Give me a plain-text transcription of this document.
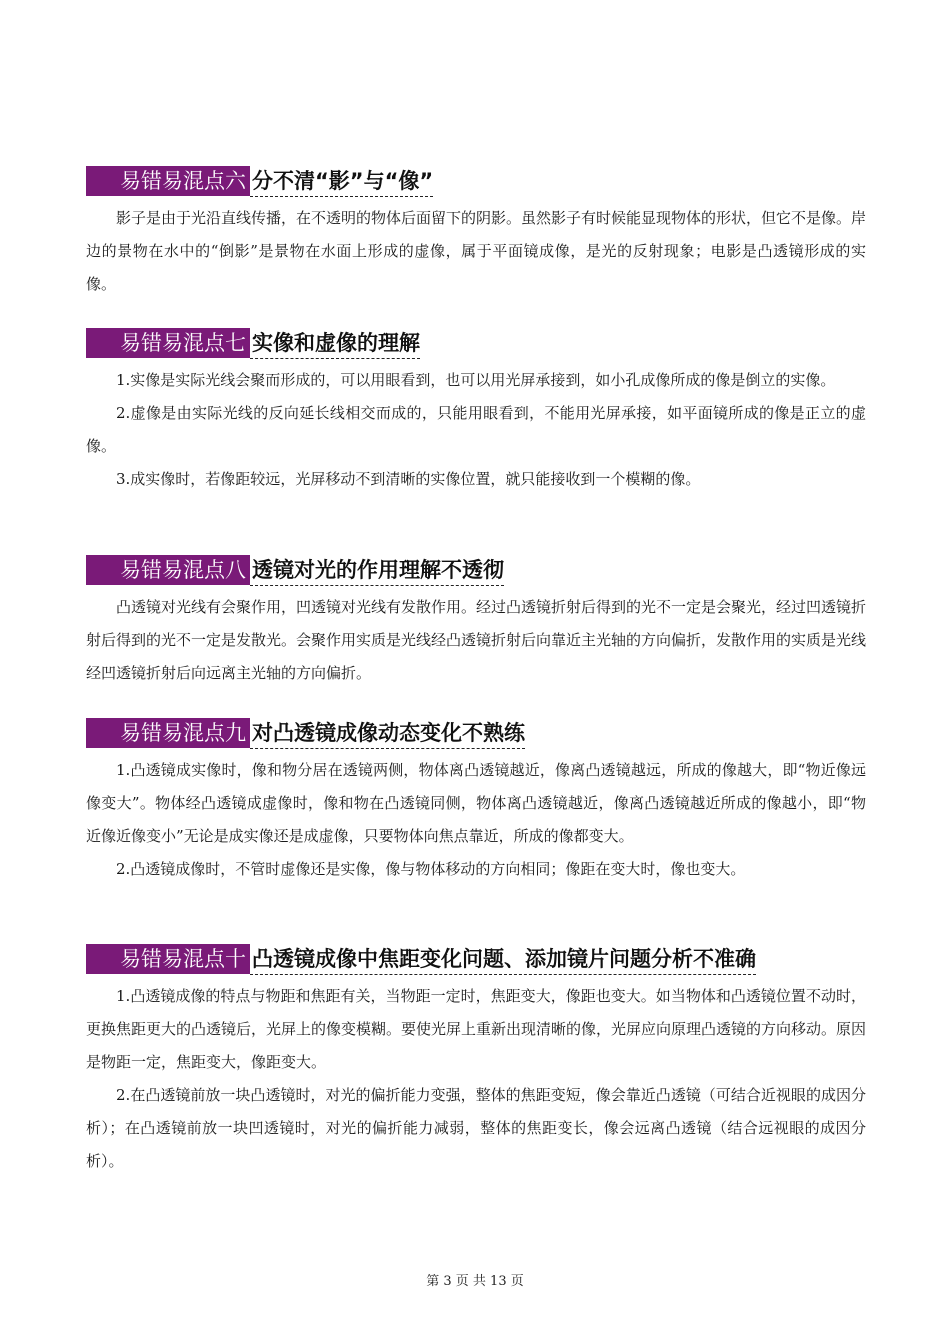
易错易混点六 分不清“影”与“像”

影子是由于光沿直线传播，在不透明的物体后面留下的阴影。虽然影子有时候能显现物体的形状，但它不是像。岸边的景物在水中的“倒影”是景物在水面上形成的虚像，属于平面镜成像，是光的反射现象；电影是凸透镜形成的实像。

易错易混点七 实像和虚像的理解

1.实像是实际光线会聚而形成的，可以用眼看到，也可以用光屏承接到，如小孔成像所成的像是倒立的实像。

2.虚像是由实际光线的反向延长线相交而成的，只能用眼看到，不能用光屏承接，如平面镜所成的像是正立的虚像。

3.成实像时，若像距较远，光屏移动不到清晰的实像位置，就只能接收到一个模糊的像。

易错易混点八 透镜对光的作用理解不透彻

凸透镜对光线有会聚作用，凹透镜对光线有发散作用。经过凸透镜折射后得到的光不一定是会聚光，经过凹透镜折射后得到的光不一定是发散光。会聚作用实质是光线经凸透镜折射后向靠近主光轴的方向偏折，发散作用的实质是光线经凹透镜折射后向远离主光轴的方向偏折。

易错易混点九 对凸透镜成像动态变化不熟练

1.凸透镜成实像时，像和物分居在透镜两侧，物体离凸透镜越近，像离凸透镜越远，所成的像越大，即“物近像远像变大”。物体经凸透镜成虚像时，像和物在凸透镜同侧，物体离凸透镜越近，像离凸透镜越近所成的像越小，即“物近像近像变小”无论是成实像还是成虚像，只要物体向焦点靠近，所成的像都变大。

2.凸透镜成像时，不管时虚像还是实像，像与物体移动的方向相同；像距在变大时，像也变大。

易错易混点十 凸透镜成像中焦距变化问题、添加镜片问题分析不准确

1.凸透镜成像的特点与物距和焦距有关，当物距一定时，焦距变大，像距也变大。如当物体和凸透镜位置不动时，更换焦距更大的凸透镜后，光屏上的像变模糊。要使光屏上重新出现清晰的像，光屏应向原理凸透镜的方向移动。原因是物距一定，焦距变大，像距变大。

2.在凸透镜前放一块凸透镜时，对光的偏折能力变强，整体的焦距变短，像会靠近凸透镜（可结合近视眼的成因分析）；在凸透镜前放一块凹透镜时，对光的偏折能力减弱，整体的焦距变长，像会远离凸透镜（结合远视眼的成因分析）。

第 3 页 共 13 页
